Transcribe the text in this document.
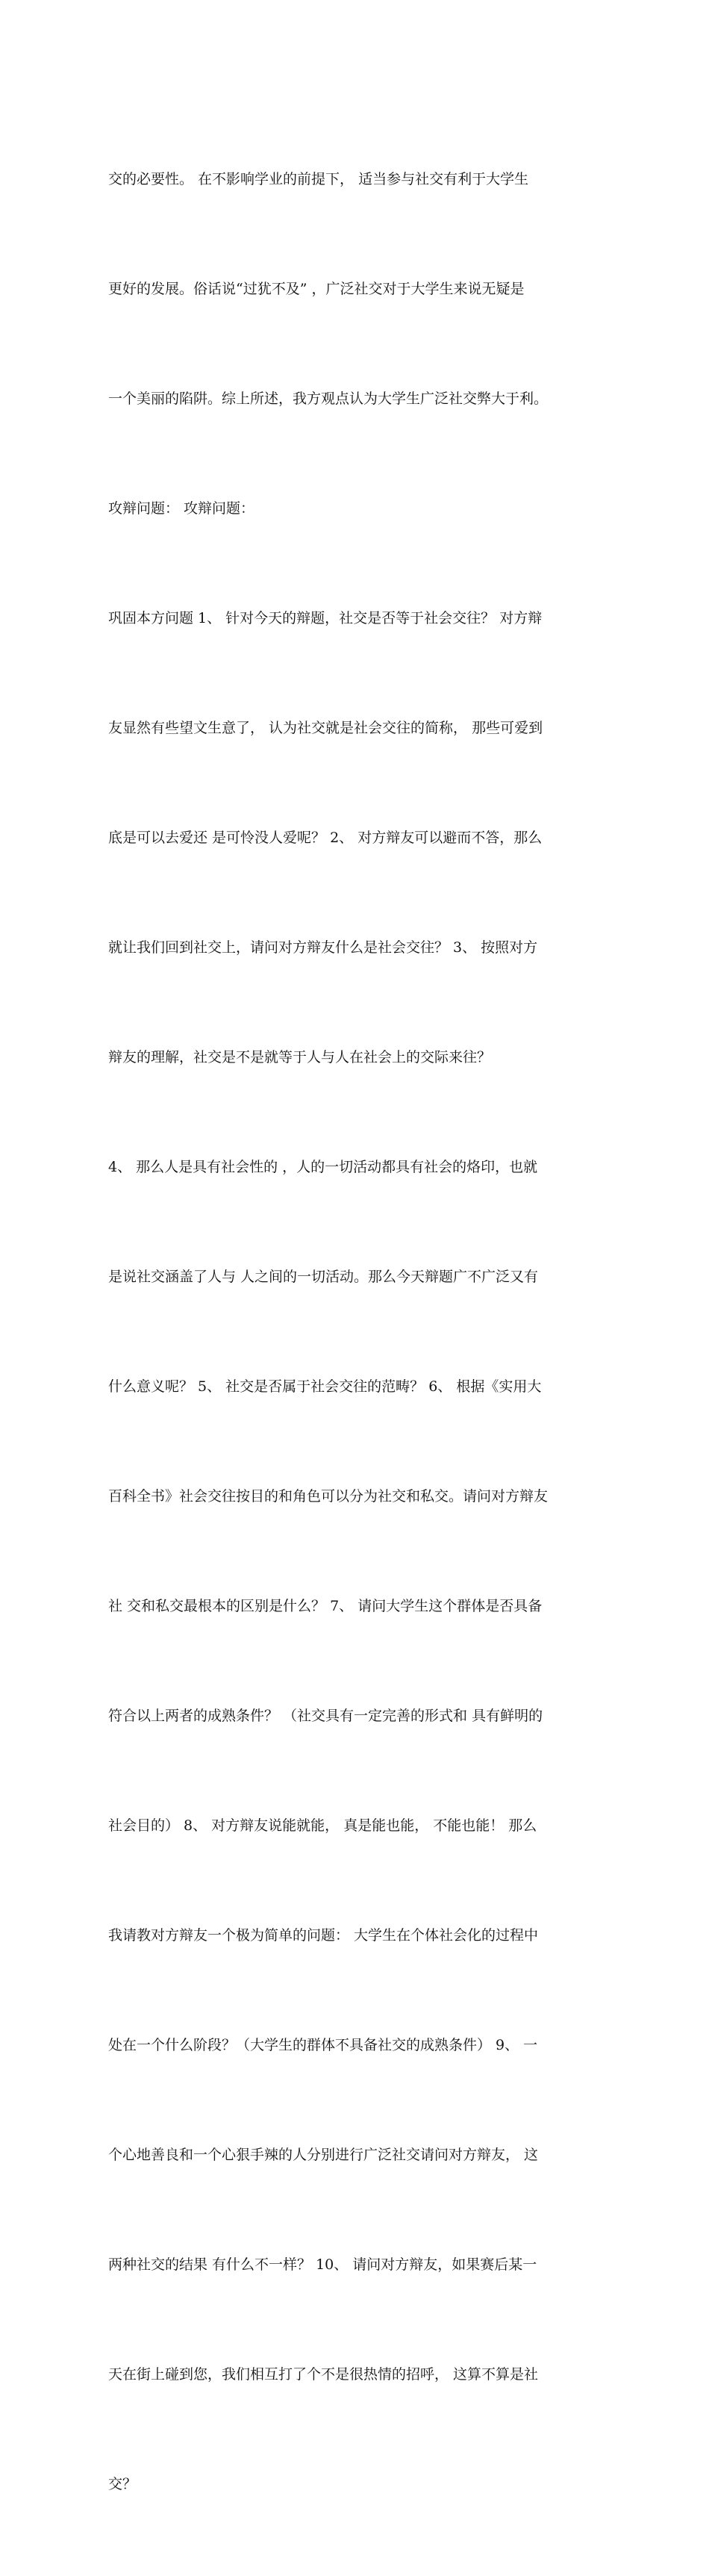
交的必要性。 在不影响学业的前提下， 适当参与社交有利于大学生

更好的发展。俗话说“过犹不及” ，广泛社交对于大学生来说无疑是

一个美丽的陷阱。综上所述，我方观点认为大学生广泛社交弊大于利。

攻辩问题： 攻辩问题：

巩固本方问题 1、 针对今天的辩题，社交是否等于社会交往？ 对方辩

友显然有些望文生意了， 认为社交就是社会交往的简称， 那些可爱到

底是可以去爱还 是可怜没人爱呢？ 2、 对方辩友可以避而不答，那么

就让我们回到社交上，请问对方辩友什么是社会交往？ 3、 按照对方

辩友的理解，社交是不是就等于人与人在社会上的交际来往？

4、 那么人是具有社会性的 ，人的一切活动都具有社会的烙印，也就

是说社交涵盖了人与 人之间的一切活动。那么今天辩题广不广泛又有

什么意义呢？ 5、 社交是否属于社会交往的范畴？ 6、 根据《实用大

百科全书》社会交往按目的和角色可以分为社交和私交。请问对方辩友

社 交和私交最根本的区别是什么？ 7、 请问大学生这个群体是否具备

符合以上两者的成熟条件？ （社交具有一定完善的形式和 具有鲜明的

社会目的） 8、 对方辩友说能就能， 真是能也能， 不能也能！ 那么

我请教对方辩友一个极为简单的问题： 大学生在个体社会化的过程中

处在一个什么阶段？（大学生的群体不具备社交的成熟条件） 9、 一

个心地善良和一个心狠手辣的人分别进行广泛社交请问对方辩友， 这

两种社交的结果 有什么不一样？ 10、 请问对方辩友，如果赛后某一

天在街上碰到您，我们相互打了个不是很热情的招呼， 这算不算是社

交？
